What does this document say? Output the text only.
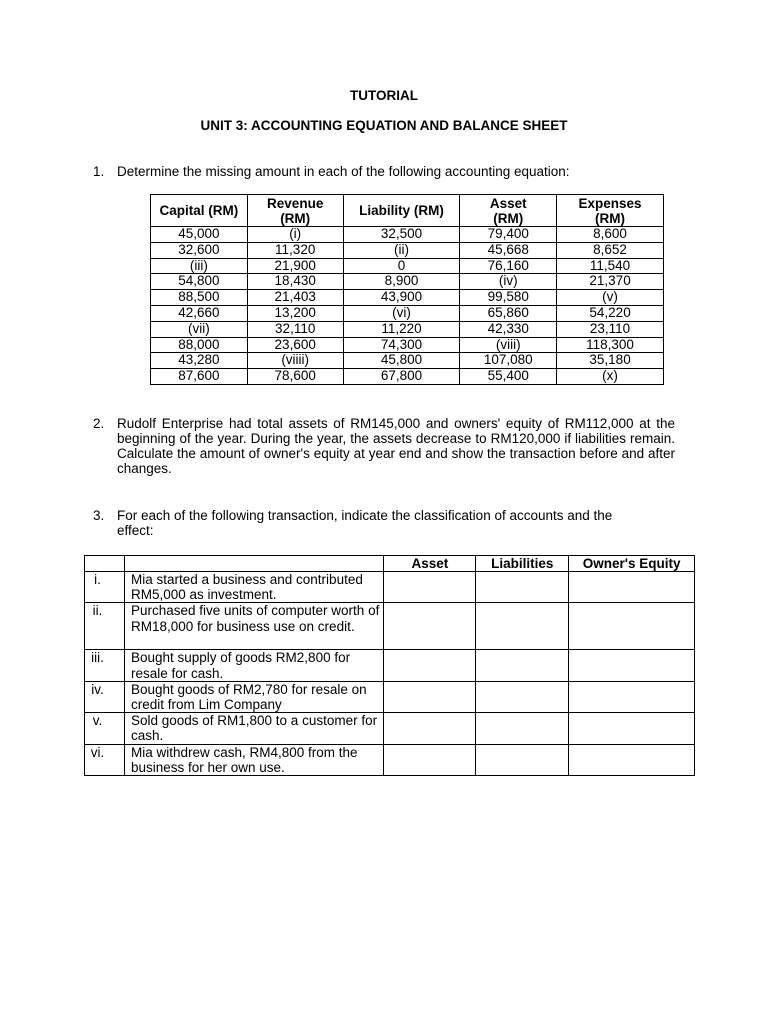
TUTORIAL
UNIT 3: ACCOUNTING EQUATION AND BALANCE SHEET
1. Determine the missing amount in each of the following accounting equation:
Capital (RM)	Revenue (RM)	Liability (RM)	Asset (RM)	Expenses (RM)

45,000	(i)	32,500	79,400	8,600
32,600	11,320	(ii)	45,668	8,652
(iii)	21,900	0	76,160	11,540
54,800	18,430	8,900	(iv)	21,370
88,500	21,403	43,900	99,580	(v)
42,660	13,200	(vi)	65,860	54,220
(vii)	32,110	11,220	42,330	23,110
88,000	23,600	74,300	(viii)	118,300
43,280	(viiii)	45,800	107,080	35,180
87,600	78,600	67,800	55,400	(x)
2. Rudolf Enterprise had total assets of RM145,000 and owners' equity of RM112,000 at the beginning of the year. During the year, the assets decrease to RM120,000 if liabilities remain. Calculate the amount of owner's equity at year end and show the transaction before and after changes.
3. For each of the following transaction, indicate the classification of accounts and the effect:
		Asset	Liabilities	Owner's Equity
i.	Mia started a business and contributed RM5,000 as investment.			
ii.	Purchased five units of computer worth of RM18,000 for business use on credit.			
iii.	Bought supply of goods RM2,800 for resale for cash.			
iv.	Bought goods of RM2,780 for resale on credit from Lim Company			
v.	Sold goods of RM1,800 to a customer for cash.			
vi.	Mia withdrew cash, RM4,800 from the business for her own use.			
